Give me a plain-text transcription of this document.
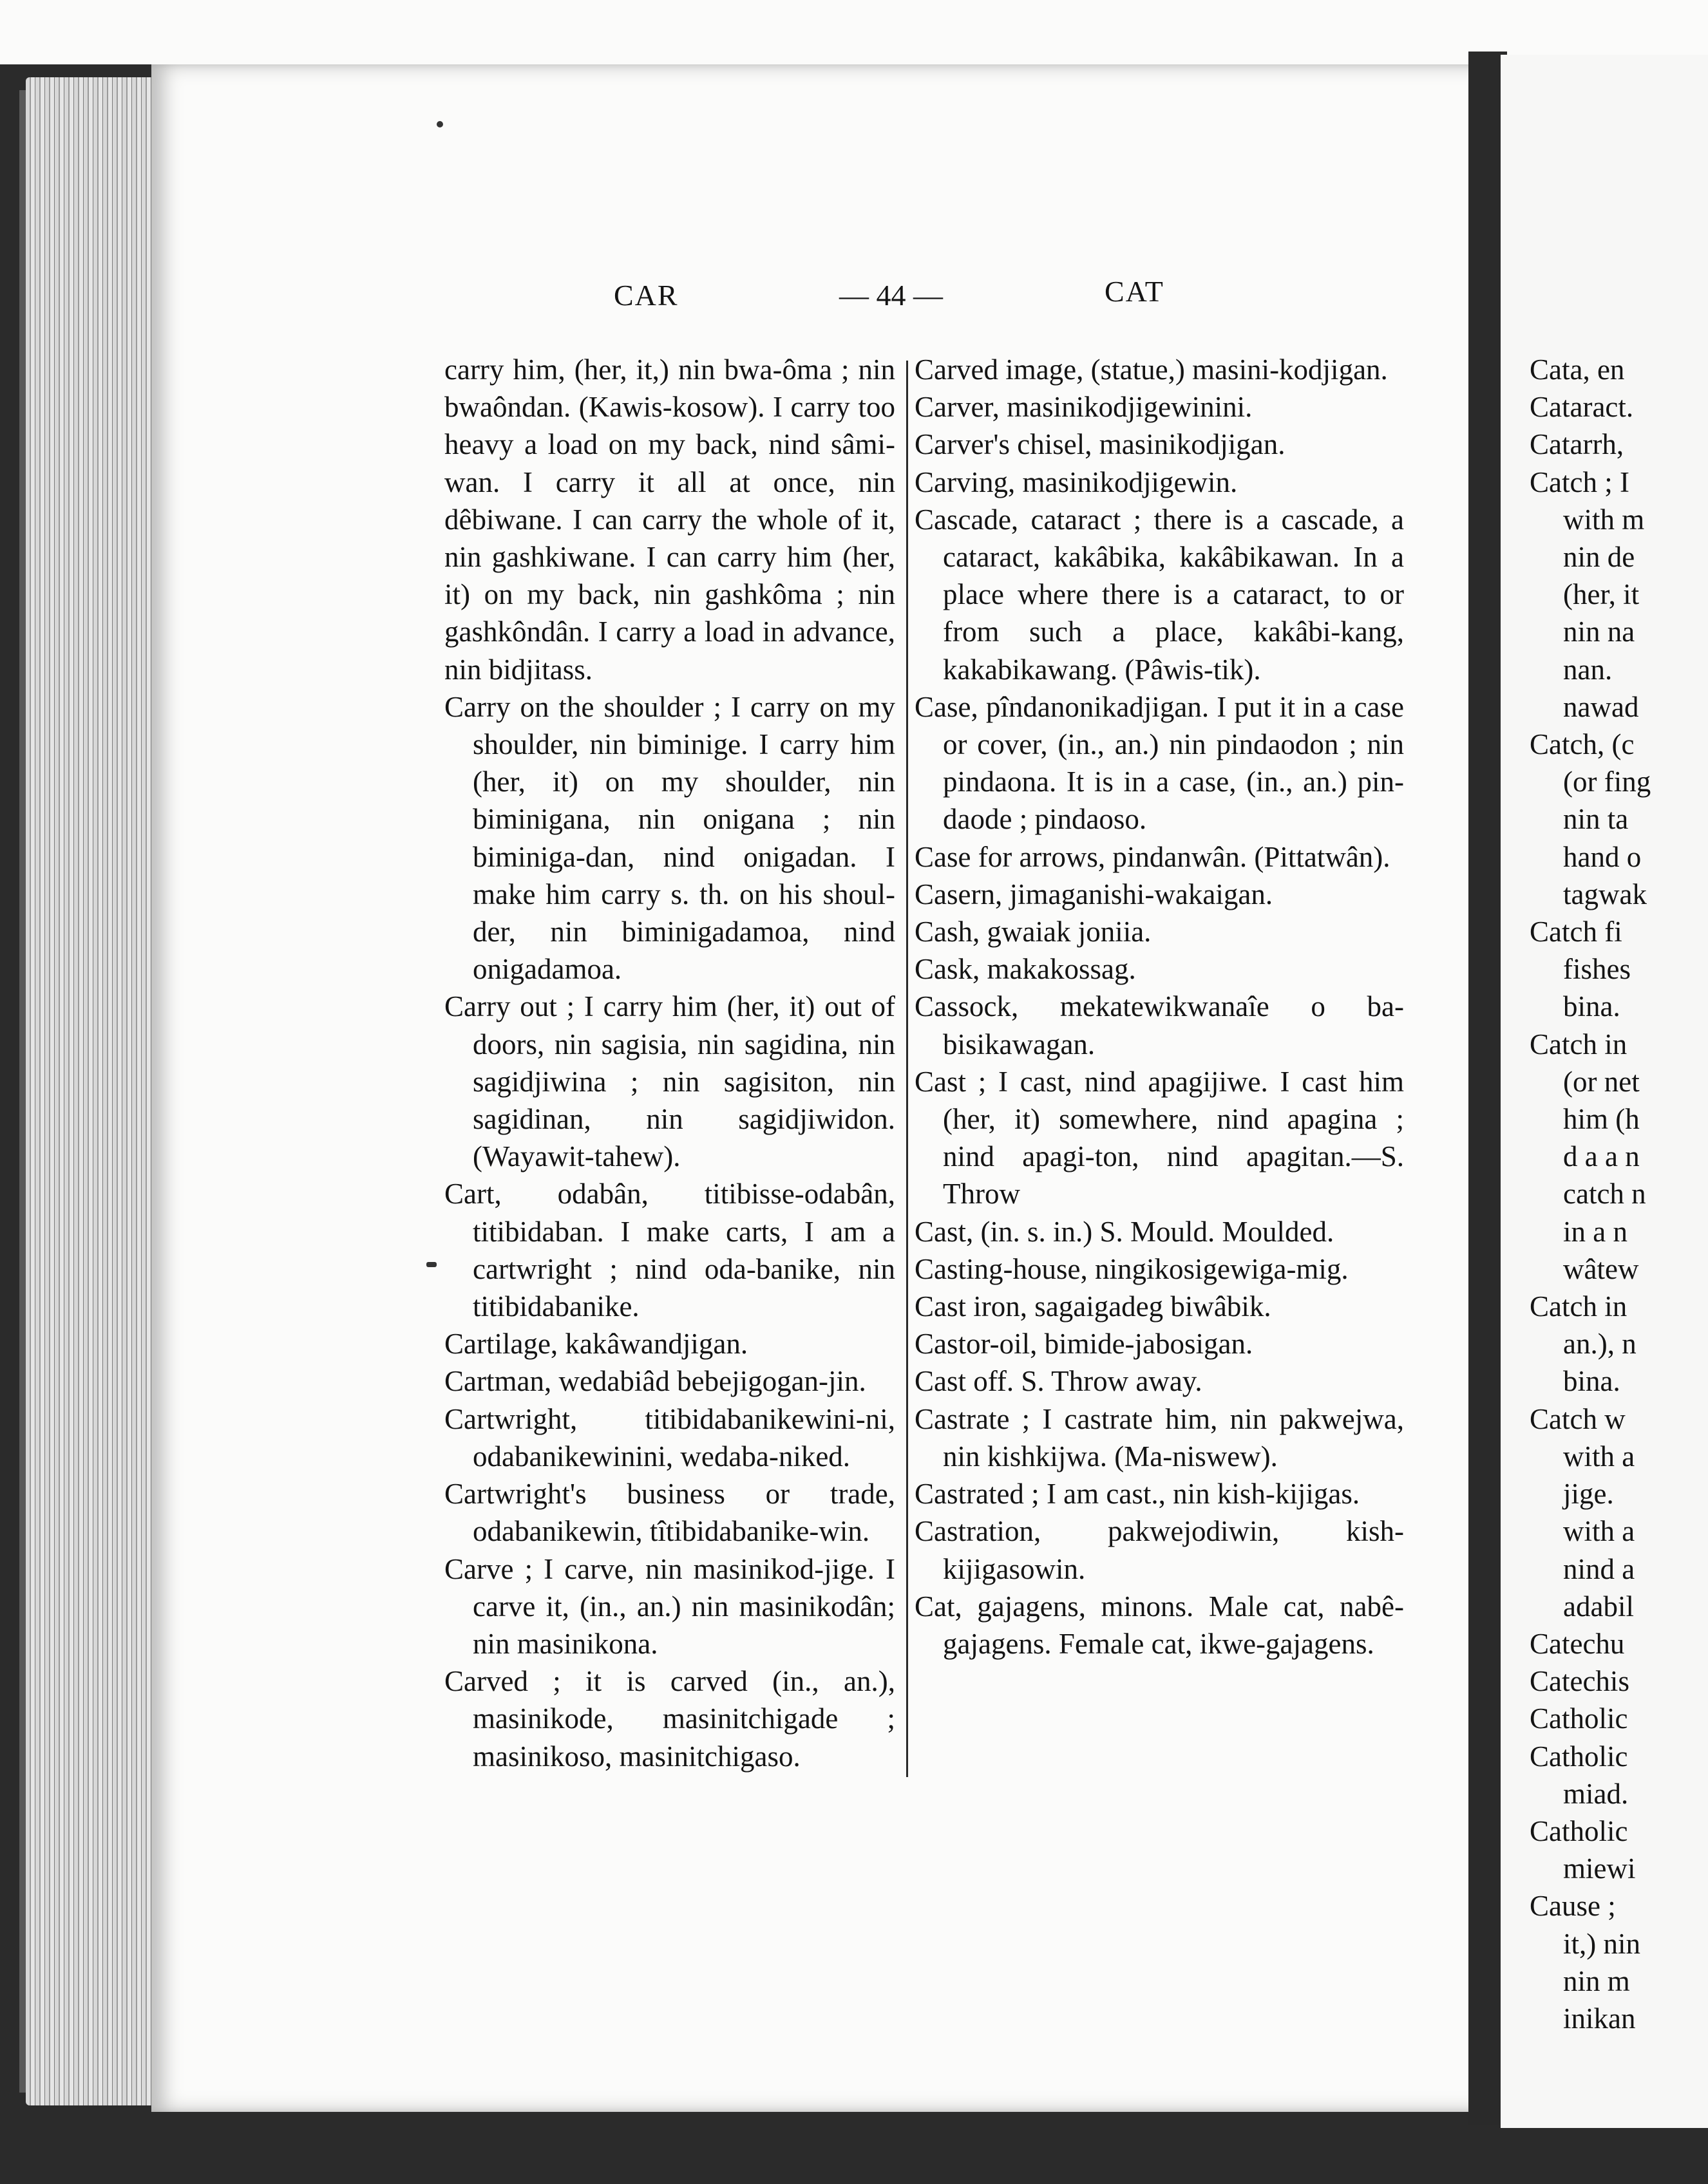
CAR	— 44 —	CAT

carry him, (her, it,) nin bwa-ôma ; nin bwaôndan. (Kawis-kosow). I carry too heavy a load on my back, nind sâmi-wan. I carry it all at once, nin dêbiwane. I can carry the whole of it, nin gashkiwane. I can carry him (her, it) on my back, nin gashkôma ; nin gashkôndân. I carry a load in advance, nin bidjitass.

Carry on the shoulder ; I carry on my shoulder, nin biminige. I carry him (her, it) on my shoulder, nin biminigana, nin onigana ; nin biminiga-dan, nind onigadan. I make him carry s. th. on his shoul-der, nin biminigadamoa, nind onigadamoa.

Carry out ; I carry him (her, it) out of doors, nin sagisia, nin sagidina, nin sagidjiwina ; nin sagisiton, nin sagidinan, nin sagidjiwidon. (Wayawit-tahew).

Cart, odabân, titibisse-odabân, titibidaban. I make carts, I am a cartwright ; nind oda-banike, nin titibidabanike.

Cartilage, kakâwandjigan.

Cartman, wedabiâd bebejigogan-jin.

Cartwright, titibidabanikewini-ni, odabanikewinini, wedaba-niked.

Cartwright's business or trade, odabanikewin, tîtibidabanike-win.

Carve ; I carve, nin masinikod-jige. I carve it, (in., an.) nin masinikodân; nin masinikona.

Carved ; it is carved (in., an.), masinikode, masinitchigade ; masinikoso, masinitchigaso.

Carved image, (statue,) masini-kodjigan.

Carver, masinikodjigewinini.

Carver's chisel, masinikodjigan.

Carving, masinikodjigewin.

Cascade, cataract ; there is a cascade, a cataract, kakâbika, kakâbikawan. In a place where there is a cataract, to or from such a place, kakâbi-kang, kakabikawang. (Pâwis-tik).

Case, pîndanonikadjigan. I put it in a case or cover, (in., an.) nin pindaodon ; nin pindaona. It is in a case, (in., an.) pin-daode ; pindaoso.

Case for arrows, pindanwân. (Pittatwân).

Casern, jimaganishi-wakaigan.

Cash, gwaiak joniia.

Cask, makakossag.

Cassock, mekatewikwanaîe o ba-bisikawagan.

Cast ; I cast, nind apagijiwe. I cast him (her, it) somewhere, nind apagina ; nind apagi-ton, nind apagitan.—S. Throw

Cast, (in. s. in.) S. Mould. Moulded.

Casting-house, ningikosigewiga-mig.

Cast iron, sagaigadeg biwâbik.

Castor-oil, bimide-jabosigan.

Cast off. S. Throw away.

Castrate ; I castrate him, nin pakwejwa, nin kishkijwa. (Ma-niswew).

Castrated ; I am cast., nin kish-kijigas.

Castration, pakwejodiwin, kish-kijigasowin.

Cat, gajagens, minons. Male cat, nabê-gajagens. Female cat, ikwe-gajagens.

Cata, en
Cataract.
Catarrh,
Catch ; I
with m
nin de
(her, it
nin na
nan.
nawad
Catch, (c
(or fing
nin ta
hand o
tagwak
Catch fi
fishes
bina.
Catch in
(or net
him (h
d a a n
catch n
in a n
wâtew
Catch in
an.), n
bina.
Catch w
with a
jige.
with a
nind a
adabil
Catechu
Catechis
Catholic
Catholic
miad.
Catholic
miewi
Cause ;
it,) nin
nin m
inikan
